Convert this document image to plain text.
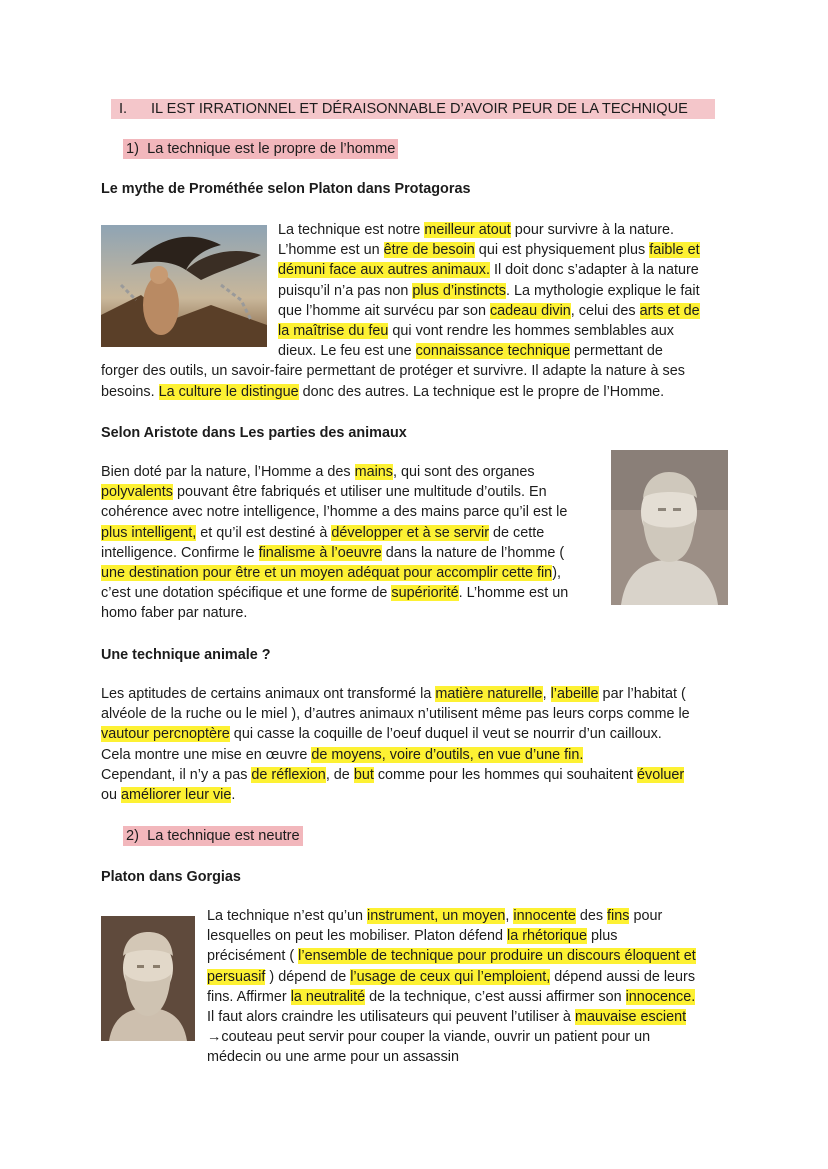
I. IL EST IRRATIONNEL ET DÉRAISONNABLE D’AVOIR PEUR DE LA TECHNIQUE
1) La technique est le propre de l’homme
Le mythe de Prométhée selon Platon dans Protagoras
La technique est notre meilleur atout pour survivre à la nature.
L’homme est un être de besoin qui est physiquement plus faible et
démuni face aux autres animaux. Il doit donc s’adapter à la nature
puisqu’il n’a pas non plus d’instincts. La mythologie explique le fait
que l’homme ait survécu par son cadeau divin, celui des arts et de
la maîtrise du feu qui vont rendre les hommes semblables aux
dieux. Le feu est une connaissance technique permettant de
forger des outils, un savoir-faire permettant de protéger et survivre. Il adapte la nature à ses
besoins. La culture le distingue donc des autres. La technique est le propre de l’Homme.
Selon Aristote dans Les parties des animaux
Bien doté par la nature, l’Homme a des mains, qui sont des organes
polyvalents pouvant être fabriqués et utiliser une multitude d’outils. En
cohérence avec notre intelligence, l’homme a des mains parce qu’il est le
plus intelligent, et qu’il est destiné à développer et à se servir de cette
intelligence. Confirme le finalisme à l’oeuvre dans la nature de l’homme (
une destination pour être et un moyen adéquat pour accomplir cette fin),
c’est une dotation spécifique et une forme de supériorité. L’homme est un
homo faber par nature.
Une technique animale ?
Les aptitudes de certains animaux ont transformé la matière naturelle, l’abeille par l’habitat (
alvéole de la ruche ou le miel ), d’autres animaux n’utilisent même pas leurs corps comme le
vautour percnoptère qui casse la coquille de l’oeuf duquel il veut se nourrir d’un cailloux.
Cela montre une mise en œuvre de moyens, voire d’outils, en vue d’une fin.
Cependant, il n’y a pas de réflexion, de but comme pour les hommes qui souhaitent évoluer
ou améliorer leur vie.
2) La technique est neutre
Platon dans Gorgias
La technique n’est qu’un instrument, un moyen, innocente des fins pour
lesquelles on peut les mobiliser. Platon défend la rhétorique plus
précisément ( l’ensemble de technique pour produire un discours éloquent et
persuasif ) dépend de l’usage de ceux qui l’emploient, dépend aussi de leurs
fins. Affirmer la neutralité de la technique, c’est aussi affirmer son innocence.
Il faut alors craindre les utilisateurs qui peuvent l’utiliser à mauvaise escient
→couteau peut servir pour couper la viande, ouvrir un patient pour un
médecin ou une arme pour un assassin
